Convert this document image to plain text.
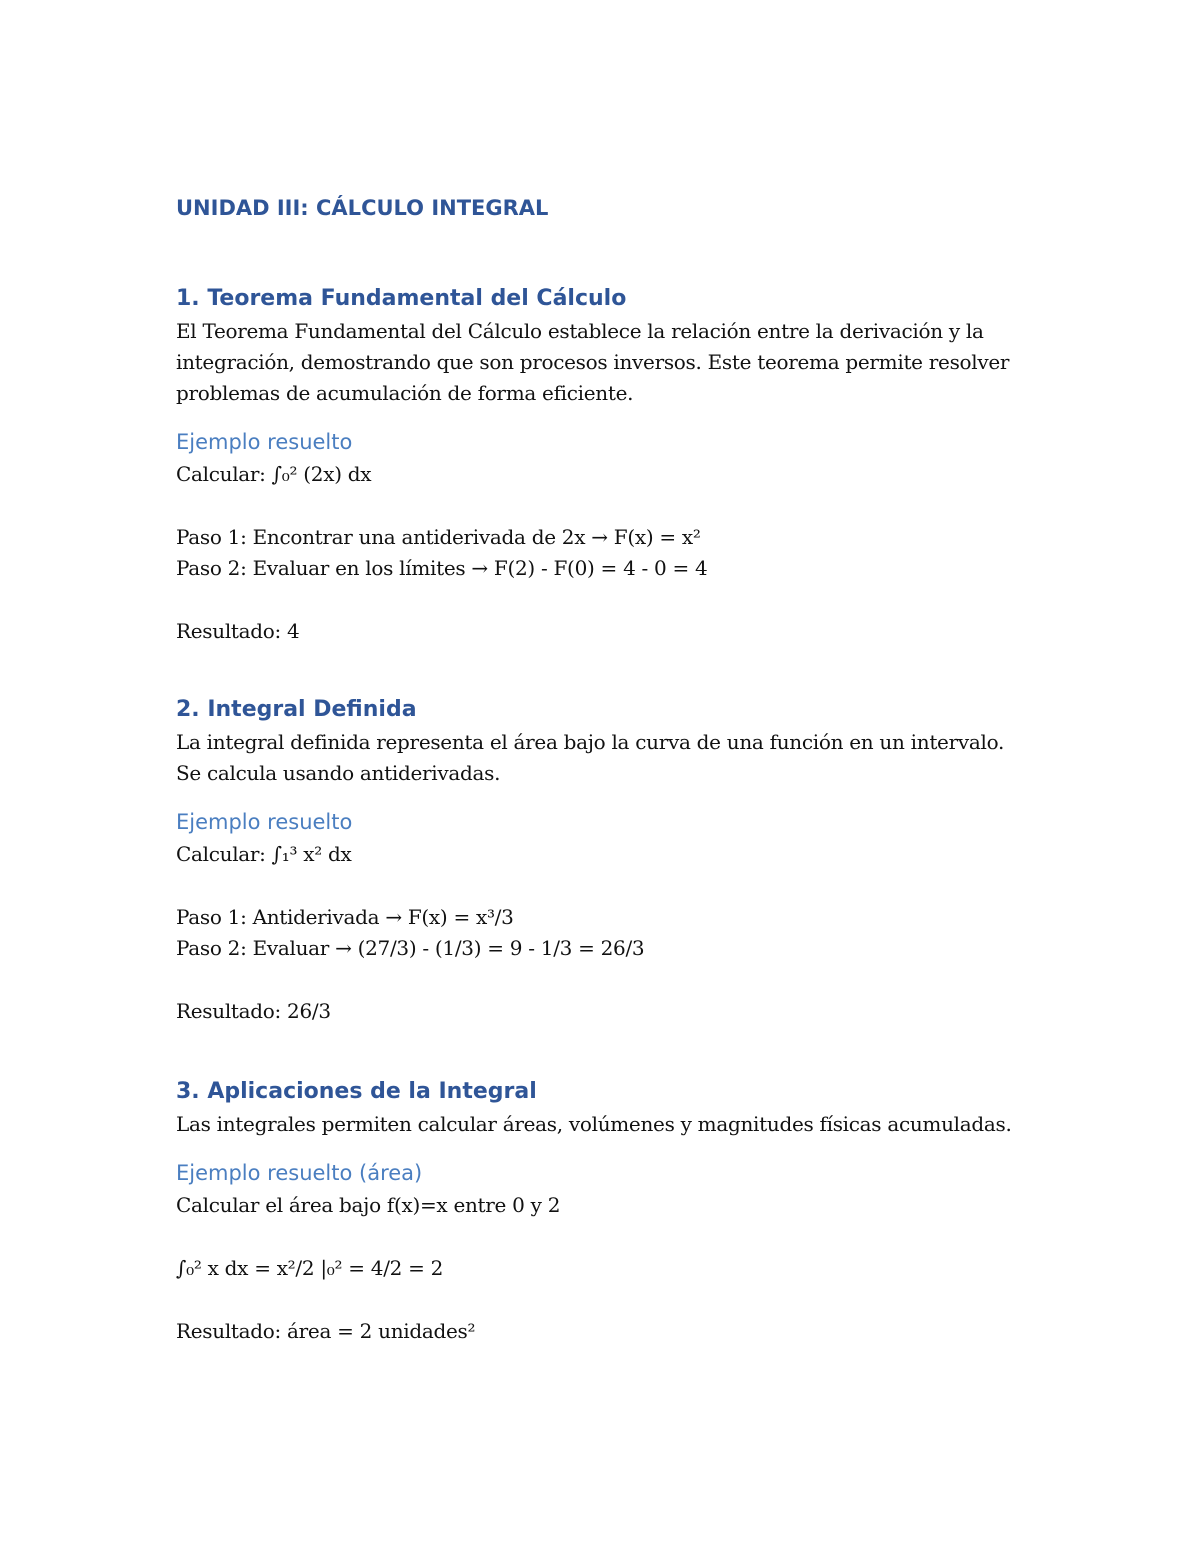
UNIDAD III: CÁLCULO INTEGRAL
1. Teorema Fundamental del Cálculo

El Teorema Fundamental del Cálculo establece la relación entre la derivación y la
integración, demostrando que son procesos inversos. Este teorema permite resolver
problemas de acumulación de forma eficiente.

Ejemplo resuelto
Calcular: ∫₀² (2x) dx
Paso 1: Encontrar una antiderivada de 2x → F(x) = x²
Paso 2: Evaluar en los límites → F(2) - F(0) = 4 - 0 = 4
Resultado: 4
2. Integral Definida

La integral definida representa el área bajo la curva de una función en un intervalo.
Se calcula usando antiderivadas.

Ejemplo resuelto
Calcular: ∫₁³ x² dx
Paso 1: Antiderivada → F(x) = x³/3
Paso 2: Evaluar → (27/3) - (1/3) = 9 - 1/3 = 26/3
Resultado: 26/3
3. Aplicaciones de la Integral

Las integrales permiten calcular áreas, volúmenes y magnitudes físicas acumuladas.

Ejemplo resuelto (área)
Calcular el área bajo f(x)=x entre 0 y 2
∫₀² x dx = x²/2 |₀² = 4/2 = 2
Resultado: área = 2 unidades²
